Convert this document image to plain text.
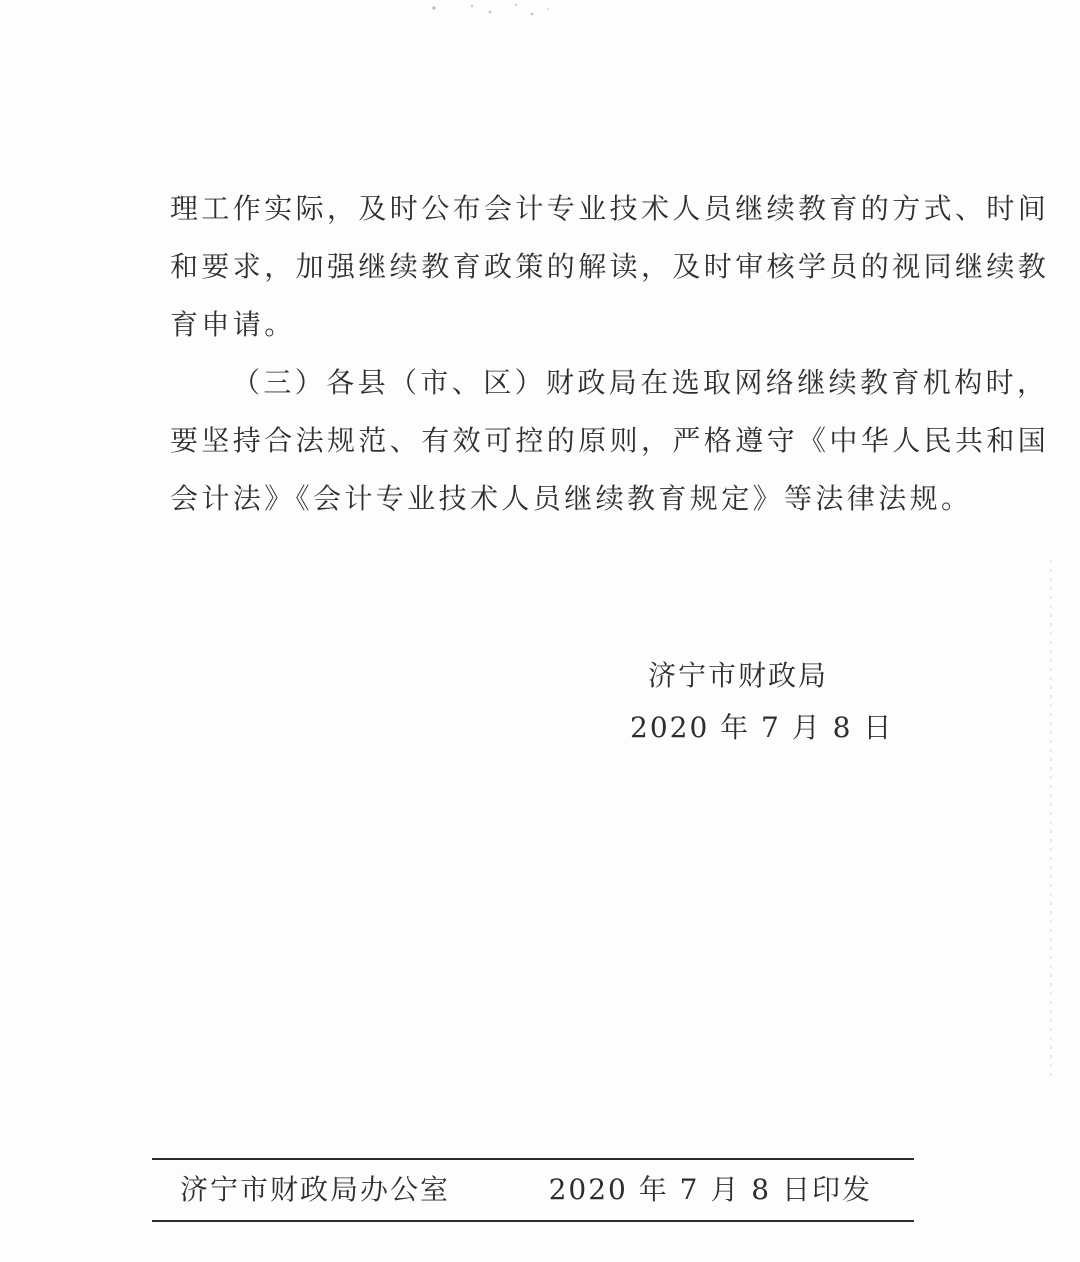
理工作实际，及时公布会计专业技术人员继续教育的方式、时间
和要求，加强继续教育政策的解读，及时审核学员的视同继续教
育申请。
（三）各县（市、区）财政局在选取网络继续教育机构时，
要坚持合法规范、有效可控的原则，严格遵守《中华人民共和国
会计法》《会计专业技术人员继续教育规定》等法律法规。
济宁市财政局
2020 年 7 月 8 日
济宁市财政局办公室	2020 年 7 月 8 日印发
